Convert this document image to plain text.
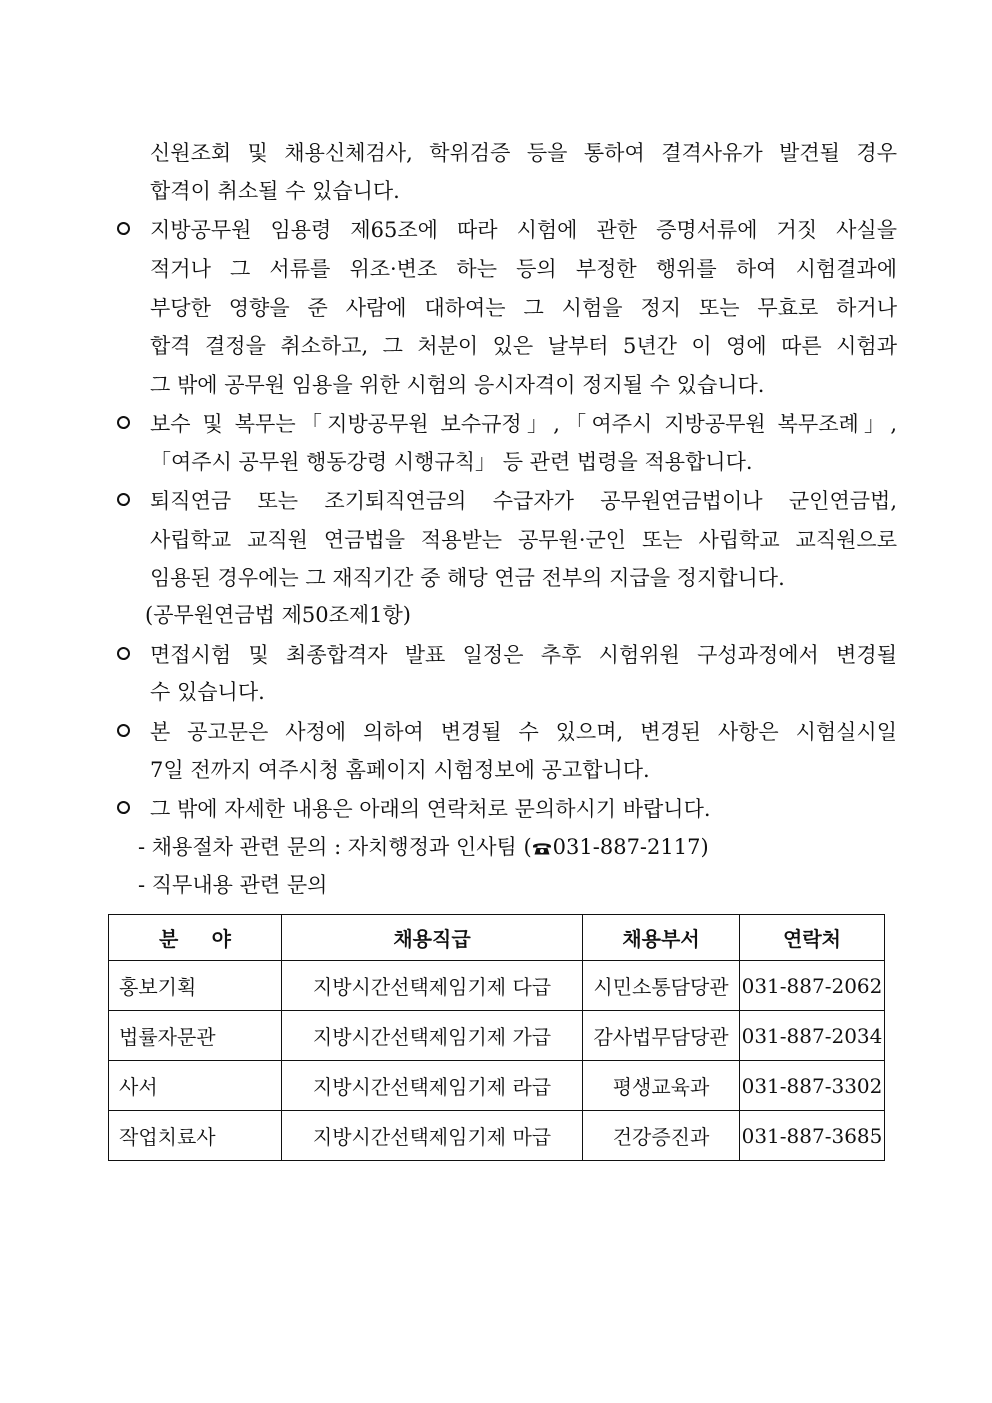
신원조회 및 채용신체검사, 학위검증 등을 통하여 결격사유가 발견될 경우
합격이 취소될 수 있습니다.
지방공무원 임용령 제65조에 따라 시험에 관한 증명서류에 거짓 사실을
적거나 그 서류를 위조·변조 하는 등의 부정한 행위를 하여 시험결과에
부당한 영향을 준 사람에 대하여는 그 시험을 정지 또는 무효로 하거나
합격 결정을 취소하고, 그 처분이 있은 날부터 5년간 이 영에 따른 시험과
그 밖에 공무원 임용을 위한 시험의 응시자격이 정지될 수 있습니다.
보수 및 복무는「지방공무원 보수규정」,「여주시 지방공무원 복무조례」,
「여주시 공무원 행동강령 시행규칙」 등 관련 법령을 적용합니다.
퇴직연금 또는 조기퇴직연금의 수급자가 공무원연금법이나 군인연금법,
사립학교 교직원 연금법을 적용받는 공무원·군인 또는 사립학교 교직원으로
임용된 경우에는 그 재직기간 중 해당 연금 전부의 지급을 정지합니다.
(공무원연금법 제50조제1항)
면접시험 및 최종합격자 발표 일정은 추후 시험위원 구성과정에서 변경될
수 있습니다.
본 공고문은 사정에 의하여 변경될 수 있으며, 변경된 사항은 시험실시일
7일 전까지 여주시청 홈페이지 시험정보에 공고합니다.
그 밖에 자세한 내용은 아래의 연락처로 문의하시기 바랍니다.
- 채용절차 관련 문의 : 자치행정과 인사팀 ( 031-887-2117)
- 직무내용 관련 문의
분 야	채용직급	채용부서	연락처

홍보기획	지방시간선택제임기제 다급	시민소통담당관	031-887-2062

법률자문관	지방시간선택제임기제 가급	감사법무담당관	031-887-2034

사서	지방시간선택제임기제 라급	평생교육과	031-887-3302

작업치료사	지방시간선택제임기제 마급	건강증진과	031-887-3685
